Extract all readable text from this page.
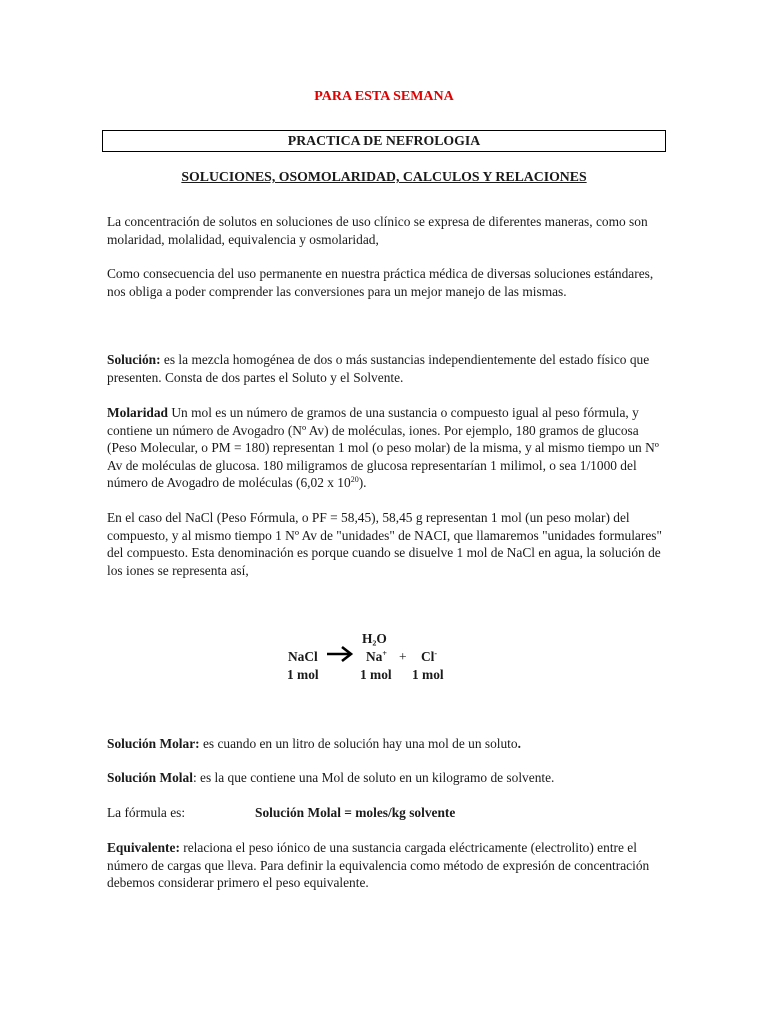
PARA ESTA SEMANA
PRACTICA DE NEFROLOGIA
SOLUCIONES, OSOMOLARIDAD, CALCULOS Y RELACIONES

La concentración de solutos en soluciones de uso clínico se expresa de diferentes maneras, como son molaridad, molalidad, equivalencia y osmolaridad,

Como consecuencia del uso permanente en nuestra práctica médica de diversas soluciones estándares, nos obliga a poder comprender las conversiones para un mejor manejo de las mismas.

Solución: es la mezcla homogénea de dos o más sustancias independientemente del estado físico que presenten. Consta de dos partes el Soluto y el Solvente.

Molaridad Un mol es un número de gramos de una sustancia o compuesto igual al peso fórmula, y contiene un número de Avogadro (Nº Av) de moléculas, iones. Por ejemplo, 180 gramos de glucosa (Peso Molecular, o PM = 180) representan 1 mol (o peso molar) de la misma, y al mismo tiempo un Nº Av de moléculas de glucosa. 180 miligramos de glucosa representarían 1 milimol, o sea 1/1000 del número de Avogadro de moléculas (6,02 x $10^{20}$).

En el caso del NaCl (Peso Fórmula, o PF = 58,45), 58,45 g representan 1 mol (un peso molar) del compuesto, y al mismo tiempo 1 Nº Av de "unidades" de NACI, que llamaremos "unidades formulares" del compuesto. Esta denominación es porque cuando se disuelve 1 mol de NaCl en agua, la solución de los iones se representa así,

H₂O
NaCl → Na+ + Cl-
1 mol	1 mol 1 mol

Solución Molar: es cuando en un litro de solución hay una mol de un soluto.

Solución Molal: es la que contiene una Mol de soluto en un kilogramo de solvente.

La fórmula es:	Solución Molal = moles/kg solvente

Equivalente: relaciona el peso iónico de una sustancia cargada eléctricamente (electrolito) entre el número de cargas que lleva. Para definir la equivalencia como método de expresión de concentración debemos considerar primero el peso equivalente.
